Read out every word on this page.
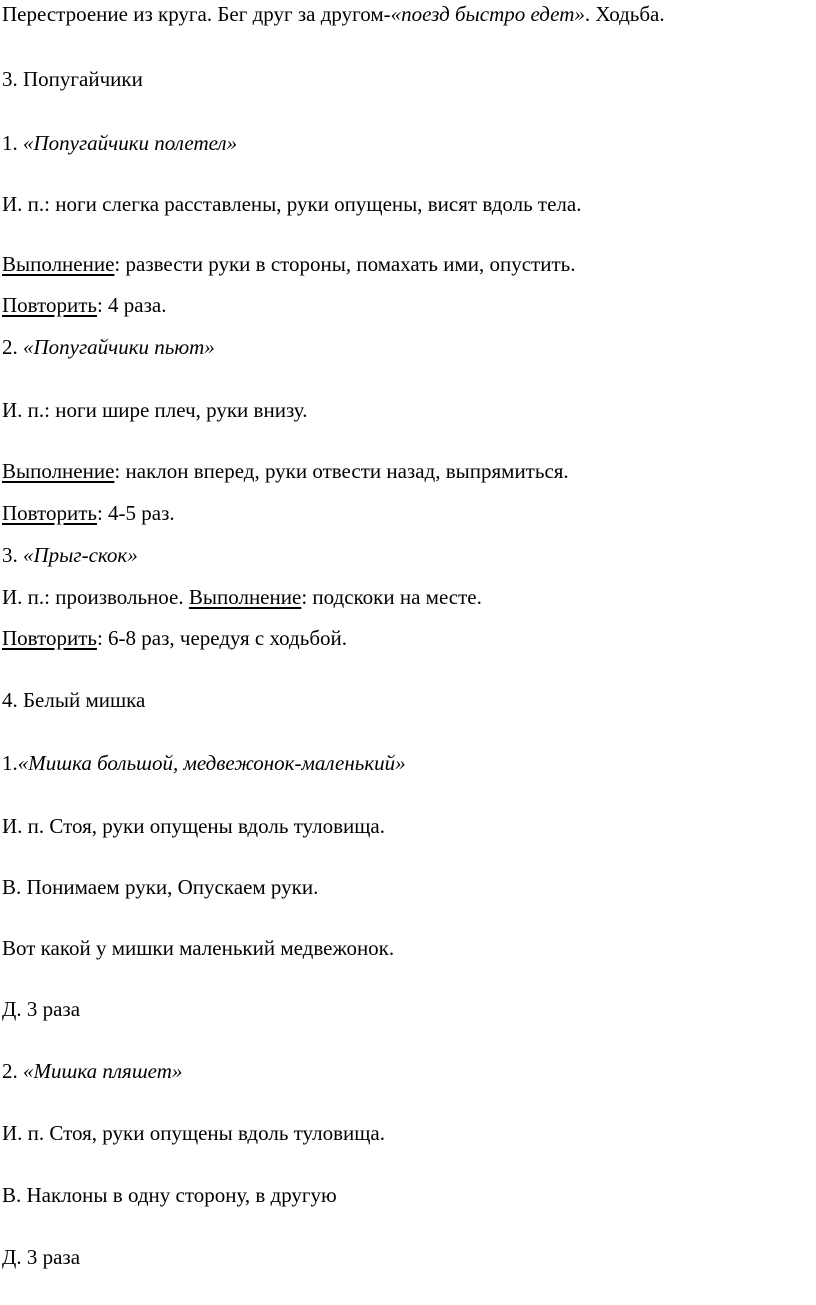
Перестроение из круга. Бег друг за другом-«поезд быстро едет». Ходьба.
3. Попугайчики
1. «Попугайчики полетел»
И. п.: ноги слегка расставлены, руки опущены, висят вдоль тела.
Выполнение: развести руки в стороны, помахать ими, опустить.
Повторить: 4 раза.
2. «Попугайчики пьют»
И. п.: ноги шире плеч, руки внизу.
Выполнение: наклон вперед, руки отвести назад, выпрямиться.
Повторить: 4-5 раз.
3. «Прыг-скок»
И. п.: произвольное. Выполнение: подскоки на месте.
Повторить: 6-8 раз, чередуя с ходьбой.
4. Белый мишка
1.«Мишка большой, медвежонок-маленький»
И. п. Стоя, руки опущены вдоль туловища.
В. Понимаем руки, Опускаем руки.
Вот какой у мишки маленький медвежонок.
Д. 3 раза
2. «Мишка пляшет»
И. п. Стоя, руки опущены вдоль туловища.
В. Наклоны в одну сторону, в другую
Д. 3 раза
